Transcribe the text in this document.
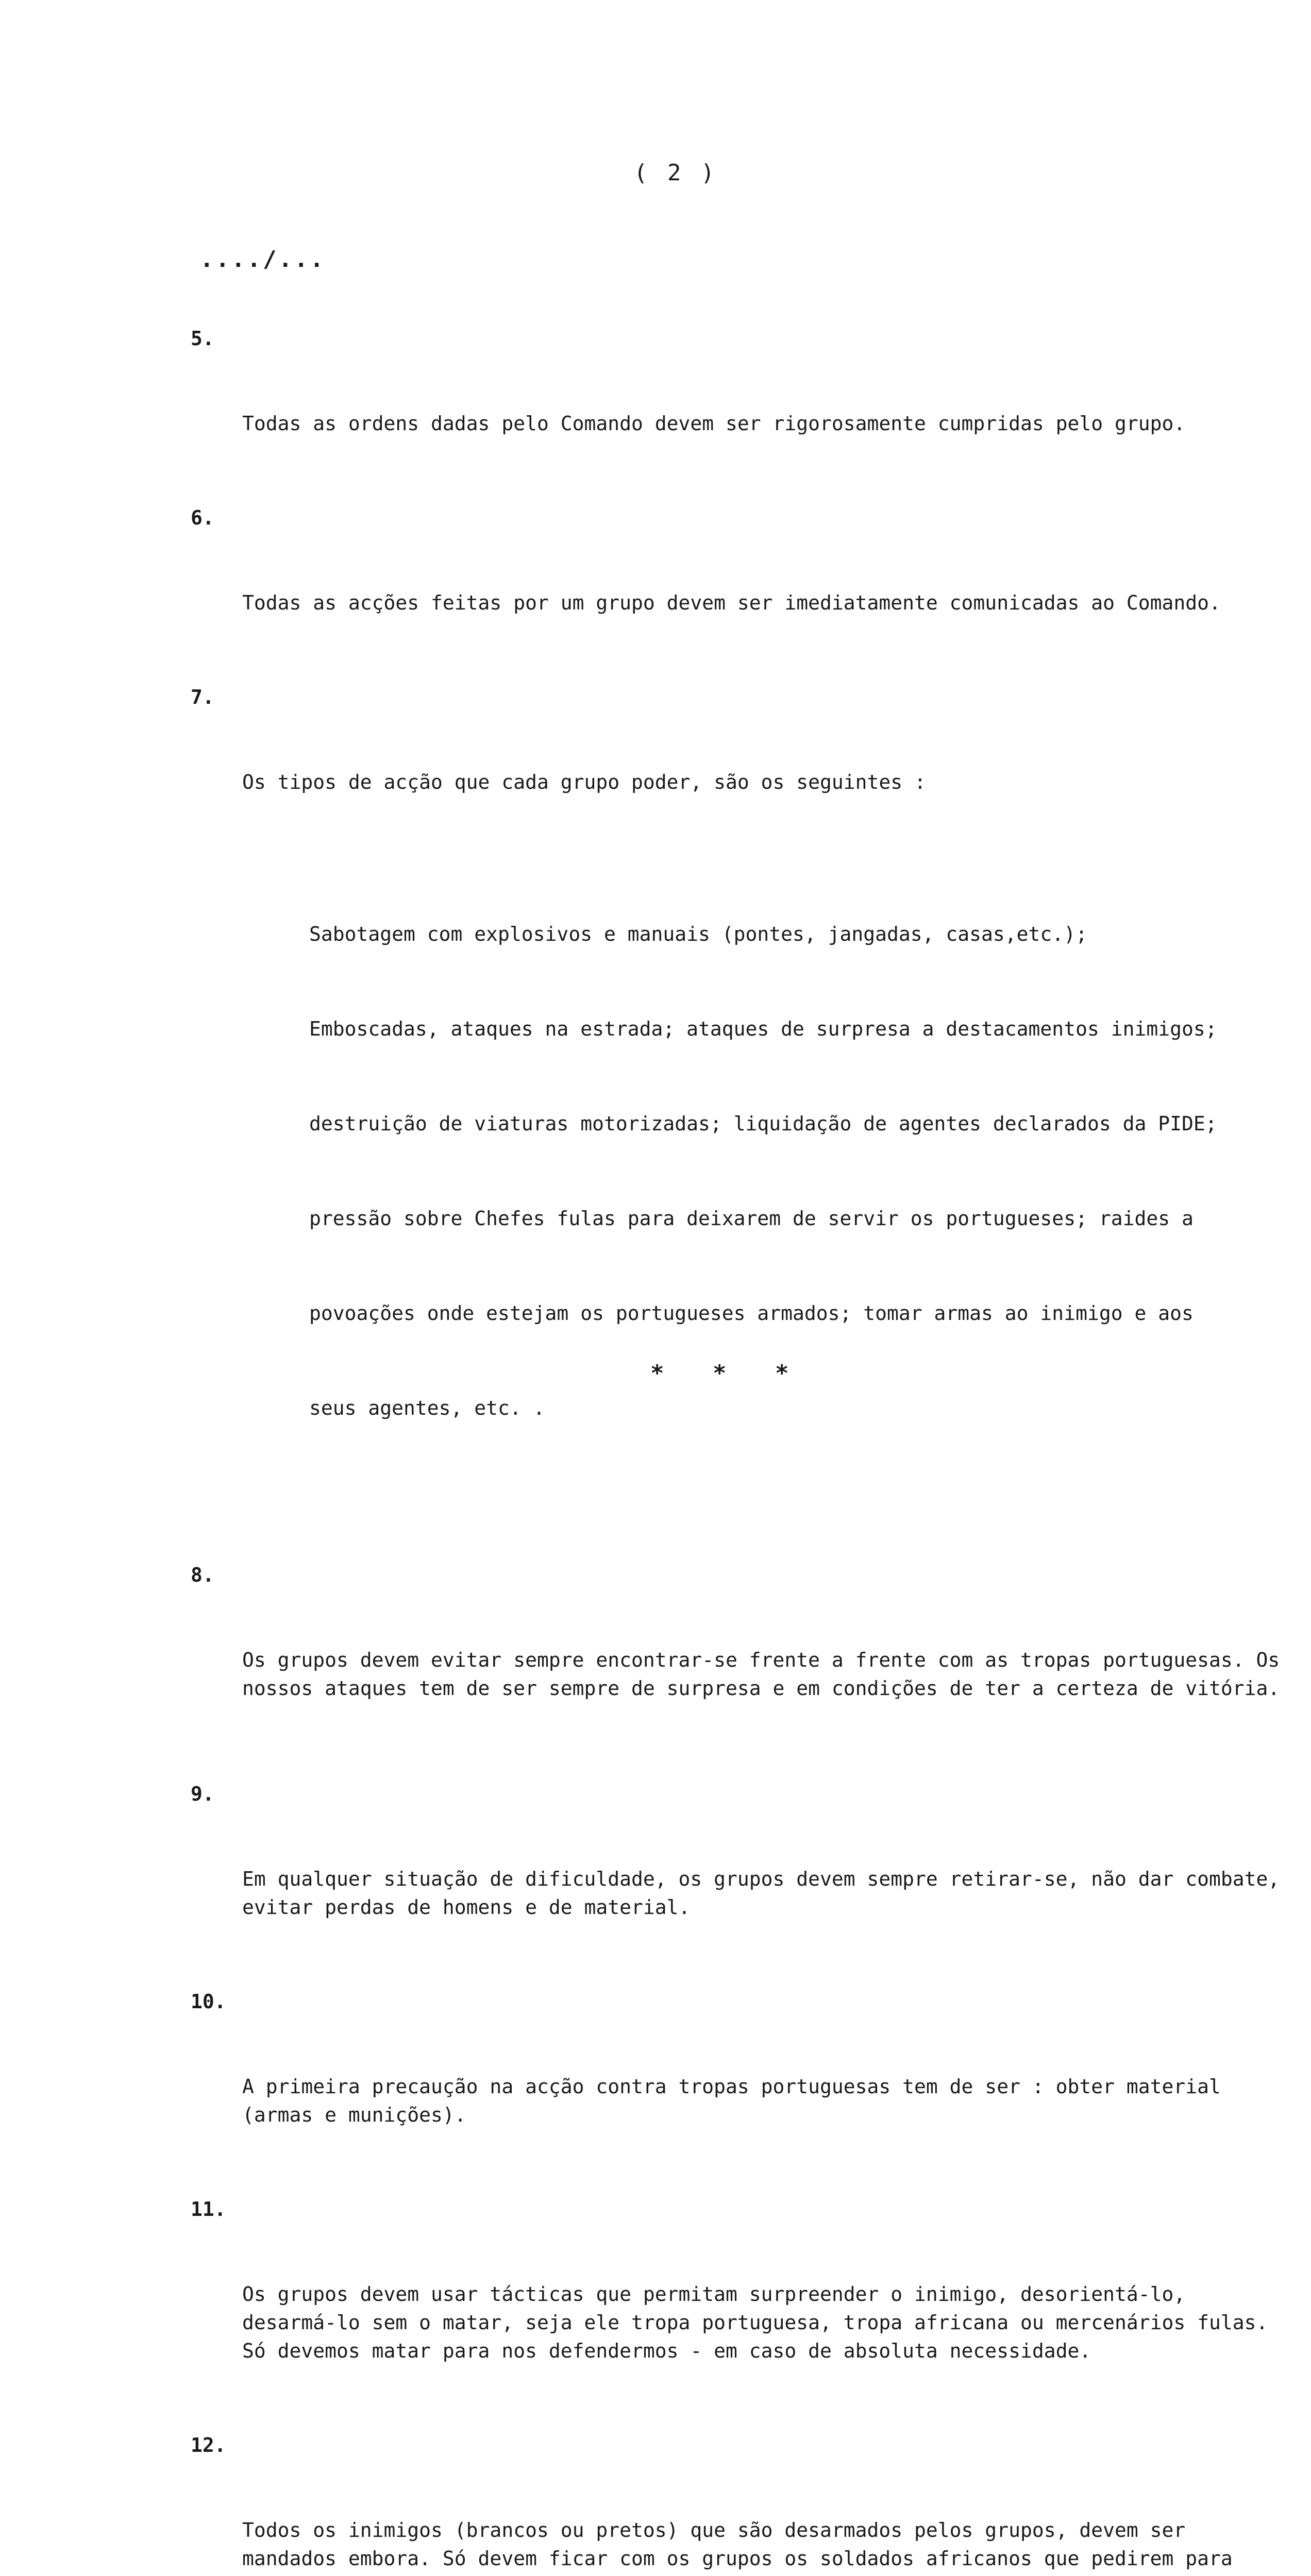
( 2 )
..../...

5.

Todas as ordens dadas pelo Comando devem ser rigorosamente cumpridas pelo grupo.

6.

Todas as acções feitas por um grupo devem ser imediatamente comunicadas ao Comando.

7.

Os tipos de acção que cada grupo poder, são os seguintes :

Sabotagem com explosivos e manuais (pontes, jangadas, casas,etc.);

Emboscadas, ataques na estrada; ataques de surpresa a destacamentos inimigos;

destruição de viaturas motorizadas; liquidação de agentes declarados da PIDE;

pressão sobre Chefes fulas para deixarem de servir os portugueses; raides a

povoações onde estejam os portugueses armados; tomar armas ao inimigo e aos

seus agentes, etc. .

8.

Os grupos devem evitar sempre encontrar-se frente a frente com as tropas portuguesas. Os nossos ataques tem de ser sempre de surpresa e em condições de ter a certeza de vitória.

9.

Em qualquer situação de dificuldade, os grupos devem sempre retirar-se, não dar combate, evitar perdas de homens e de material.

10.

A primeira precaução na acção contra tropas portuguesas tem de ser : obter material (armas e munições).

11.

Os grupos devem usar tácticas que permitam surpreender o inimigo, desorientá-lo, desarmá-lo sem o matar, seja ele tropa portuguesa, tropa africana ou mercenários fulas. Só devemos matar para nos defendermos - em caso de absoluta necessidade.

12.

Todos os inimigos (brancos ou pretos) que são desarmados pelos grupos, devem ser mandados embora. Só devem ficar com os grupos os soldados africanos que pedirem para

* * *
